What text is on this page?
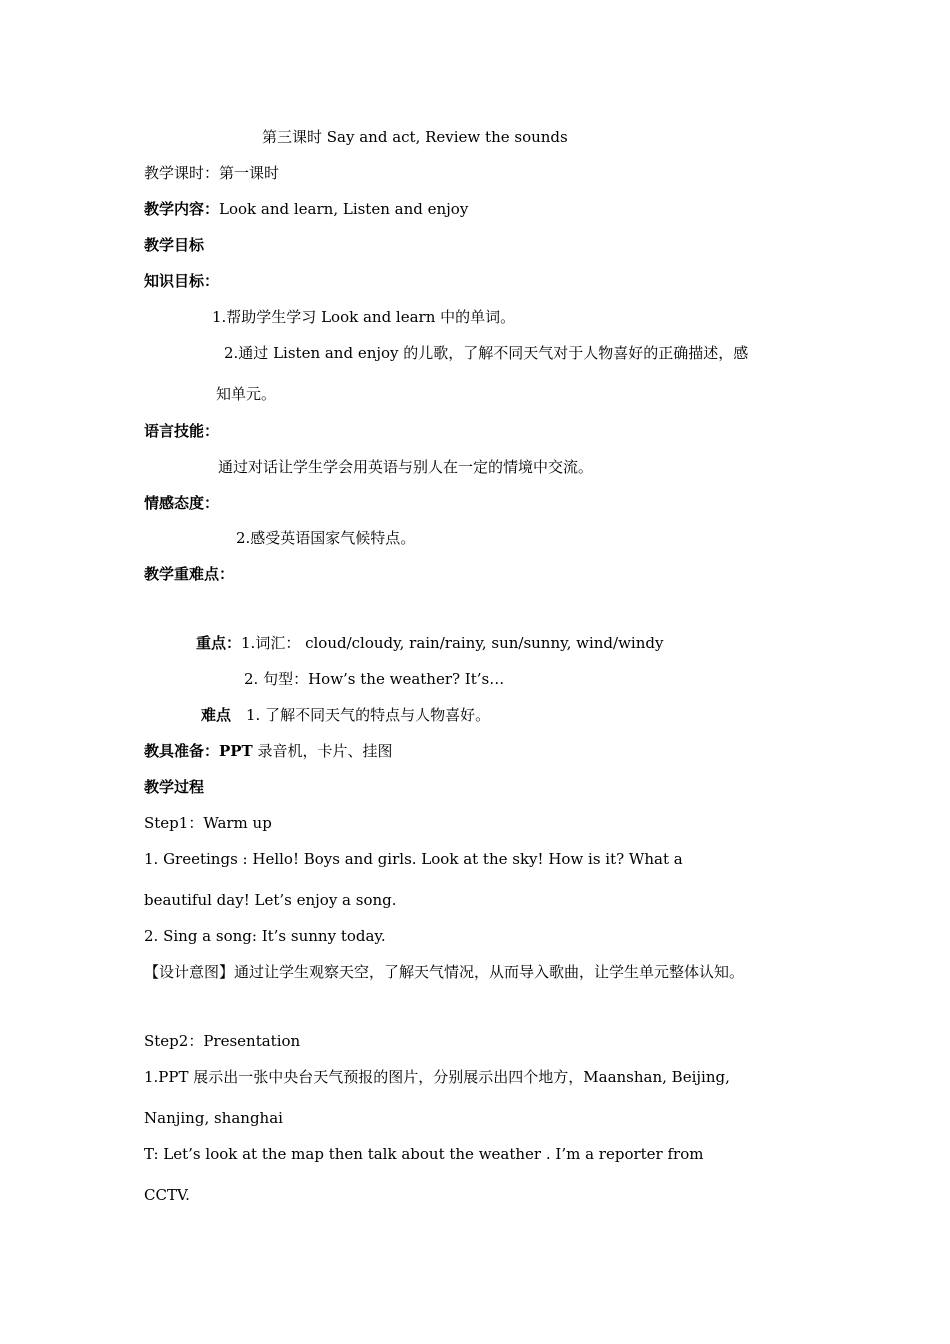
第三课时 Say and act, Review the sounds
教学课时：第一课时
教学内容：Look and learn, Listen and enjoy
教学目标
知识目标：
1.帮助学生学习 Look and learn 中的单词。
2.通过 Listen and enjoy 的儿歌，了解不同天气对于人物喜好的正确描述，感
知单元。
语言技能：
通过对话让学生学会用英语与别人在一定的情境中交流。
情感态度：
2.感受英语国家气候特点。
教学重难点：
重点：1.词汇： cloud/cloudy, rain/rainy, sun/sunny, wind/windy
2. 句型：How’s the weather? It’s…
难点 1. 了解不同天气的特点与人物喜好。
教具准备：PPT 录音机，卡片、挂图
教学过程
Step1：Warm up
1. Greetings : Hello! Boys and girls. Look at the sky! How is it? What a
beautiful day! Let’s enjoy a song.
2. Sing a song: It’s sunny today.
【设计意图】通过让学生观察天空，了解天气情况，从而导入歌曲，让学生单元整体认知。
Step2：Presentation
1.PPT 展示出一张中央台天气预报的图片，分别展示出四个地方，Maanshan, Beijing,
Nanjing, shanghai
T: Let’s look at the map then talk about the weather . I’m a reporter from
CCTV.
